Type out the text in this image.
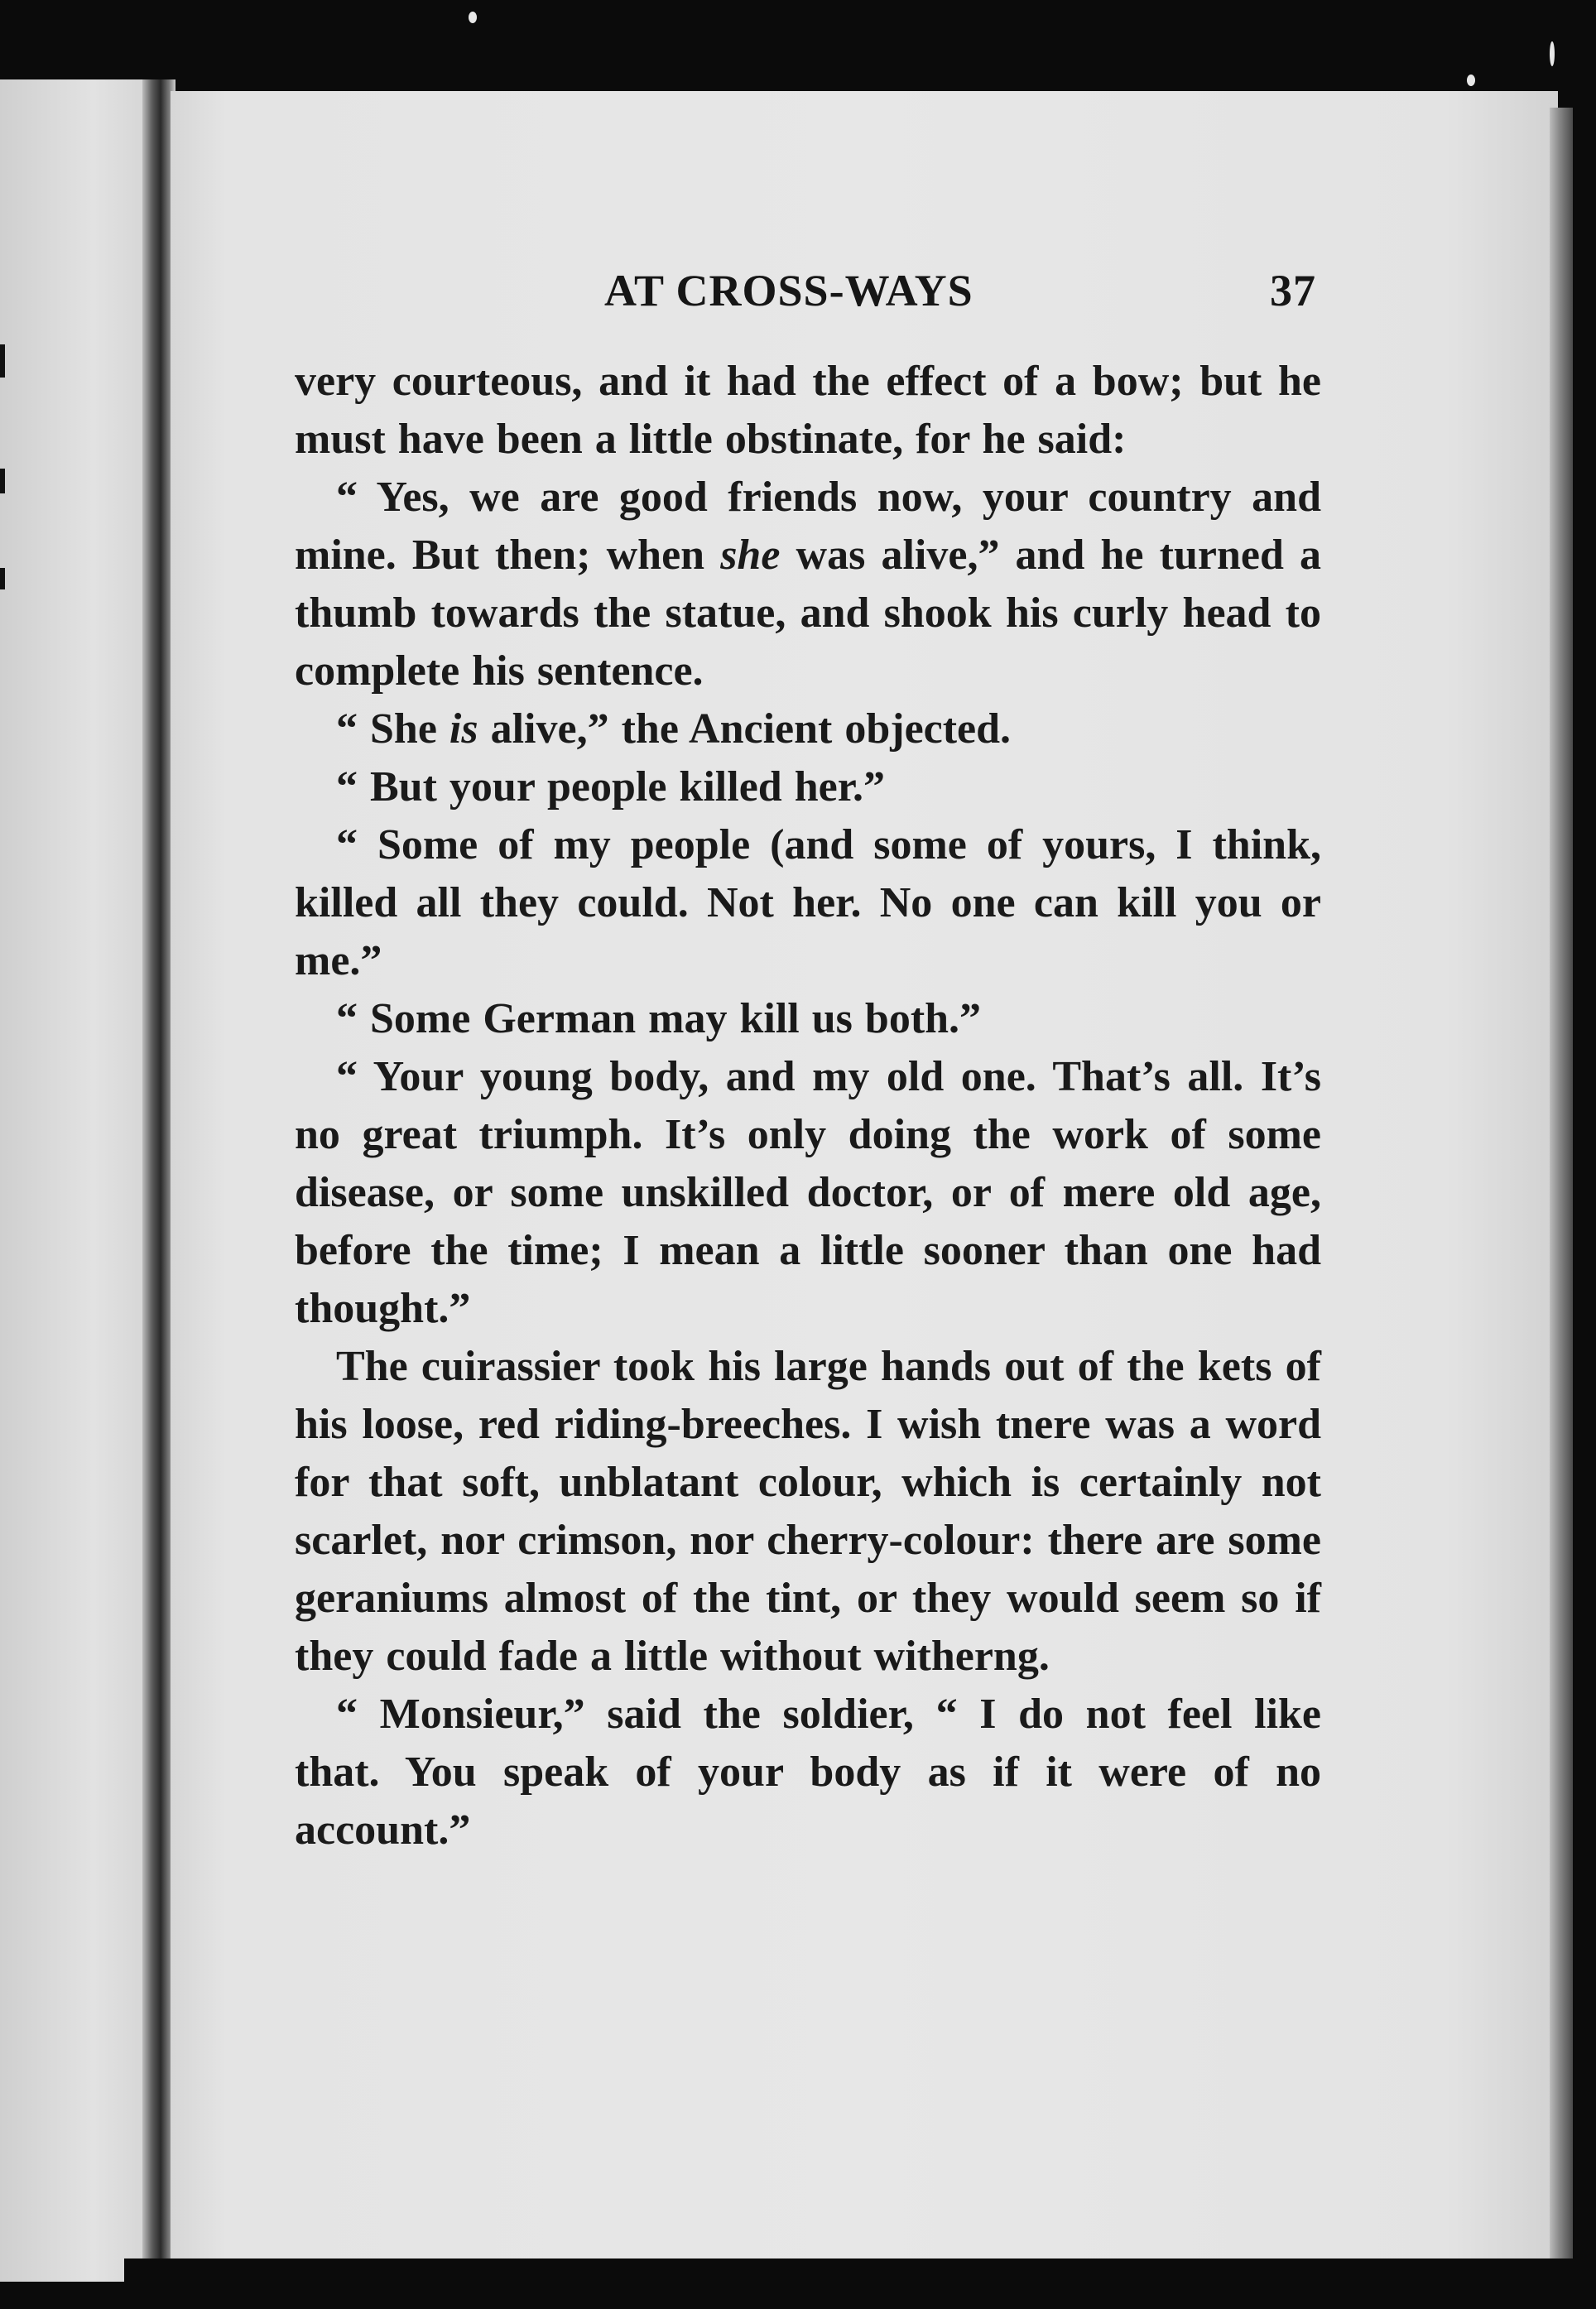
AT CROSS-WAYS	37

very courteous, and it had the effect of a bow; but he must have been a little obstinate, for he said:

“ Yes, we are good friends now, your country and mine. But then; when she was alive,” and he turned a thumb towards the statue, and shook his curly head to complete his sentence.

“ She is alive,” the Ancient objected.

“ But your people killed her.”

“ Some of my people (and some of yours, I think, killed all they could. Not her. No one can kill you or me.”

“ Some German may kill us both.”

“ Your young body, and my old one. That’s all. It’s no great triumph. It’s only doing the work of some disease, or some unskilled doctor, or of mere old age, before the time; I mean a little sooner than one had thought.”

The cuirassier took his large hands out of the kets of his loose, red riding-breeches. I wish tnere was a word for that soft, unblatant colour, which is certainly not scarlet, nor crimson, nor cherry-colour: there are some geraniums almost of the tint, or they would seem so if they could fade a little without witherng.

“ Monsieur,” said the soldier, “ I do not feel like that. You speak of your body as if it were of no account.”
